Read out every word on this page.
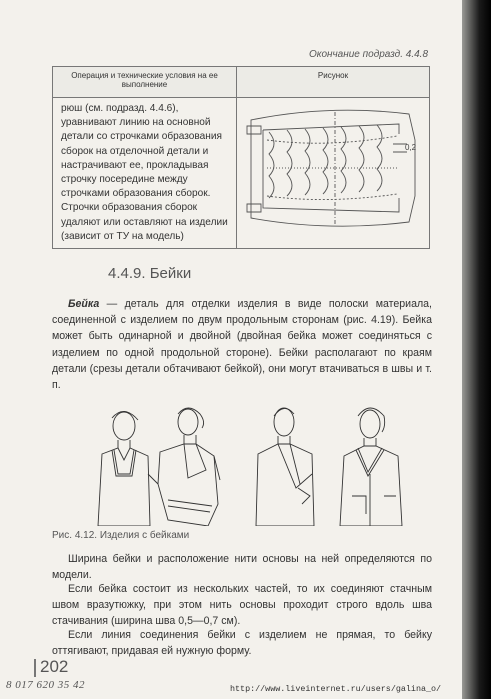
Окончание подразд. 4.4.8
Операция и технические условия на ее выполнение	Рисунок
рюш (см. подразд. 4.4.6), уравнивают линию на основной детали со строчками образования сборок на отделочной детали и настрачивают ее, прокладывая строчку посередине между строчками образования сборок. Строчки образования сборок удаляют или оставляют на изделии (зависит от ТУ на модель)	0,2
4.4.9. Бейки

Бейка — деталь для отделки изделия в виде полоски материала, соединенной с изделием по двум продольным сторонам (рис. 4.19). Бейка может быть одинарной и двойной (двойная бейка может соединяться с изделием по одной продольной стороне). Бейки располагают по краям детали (срезы детали обтачивают бейкой), они могут втачиваться в швы и т. п.

Рис. 4.12. Изделия с бейками

Ширина бейки и расположение нити основы на ней определяются по модели.

Если бейка состоит из нескольких частей, то их соединяют стачным швом вразутюжку, при этом нить основы проходит строго вдоль шва стачивания (ширина шва 0,5—0,7 см).

Если линия соединения бейки с изделием не прямая, то бейку оттягивают, придавая ей нужную форму.

202
8 017 620 35 42	http://www.liveinternet.ru/users/galina_o/
